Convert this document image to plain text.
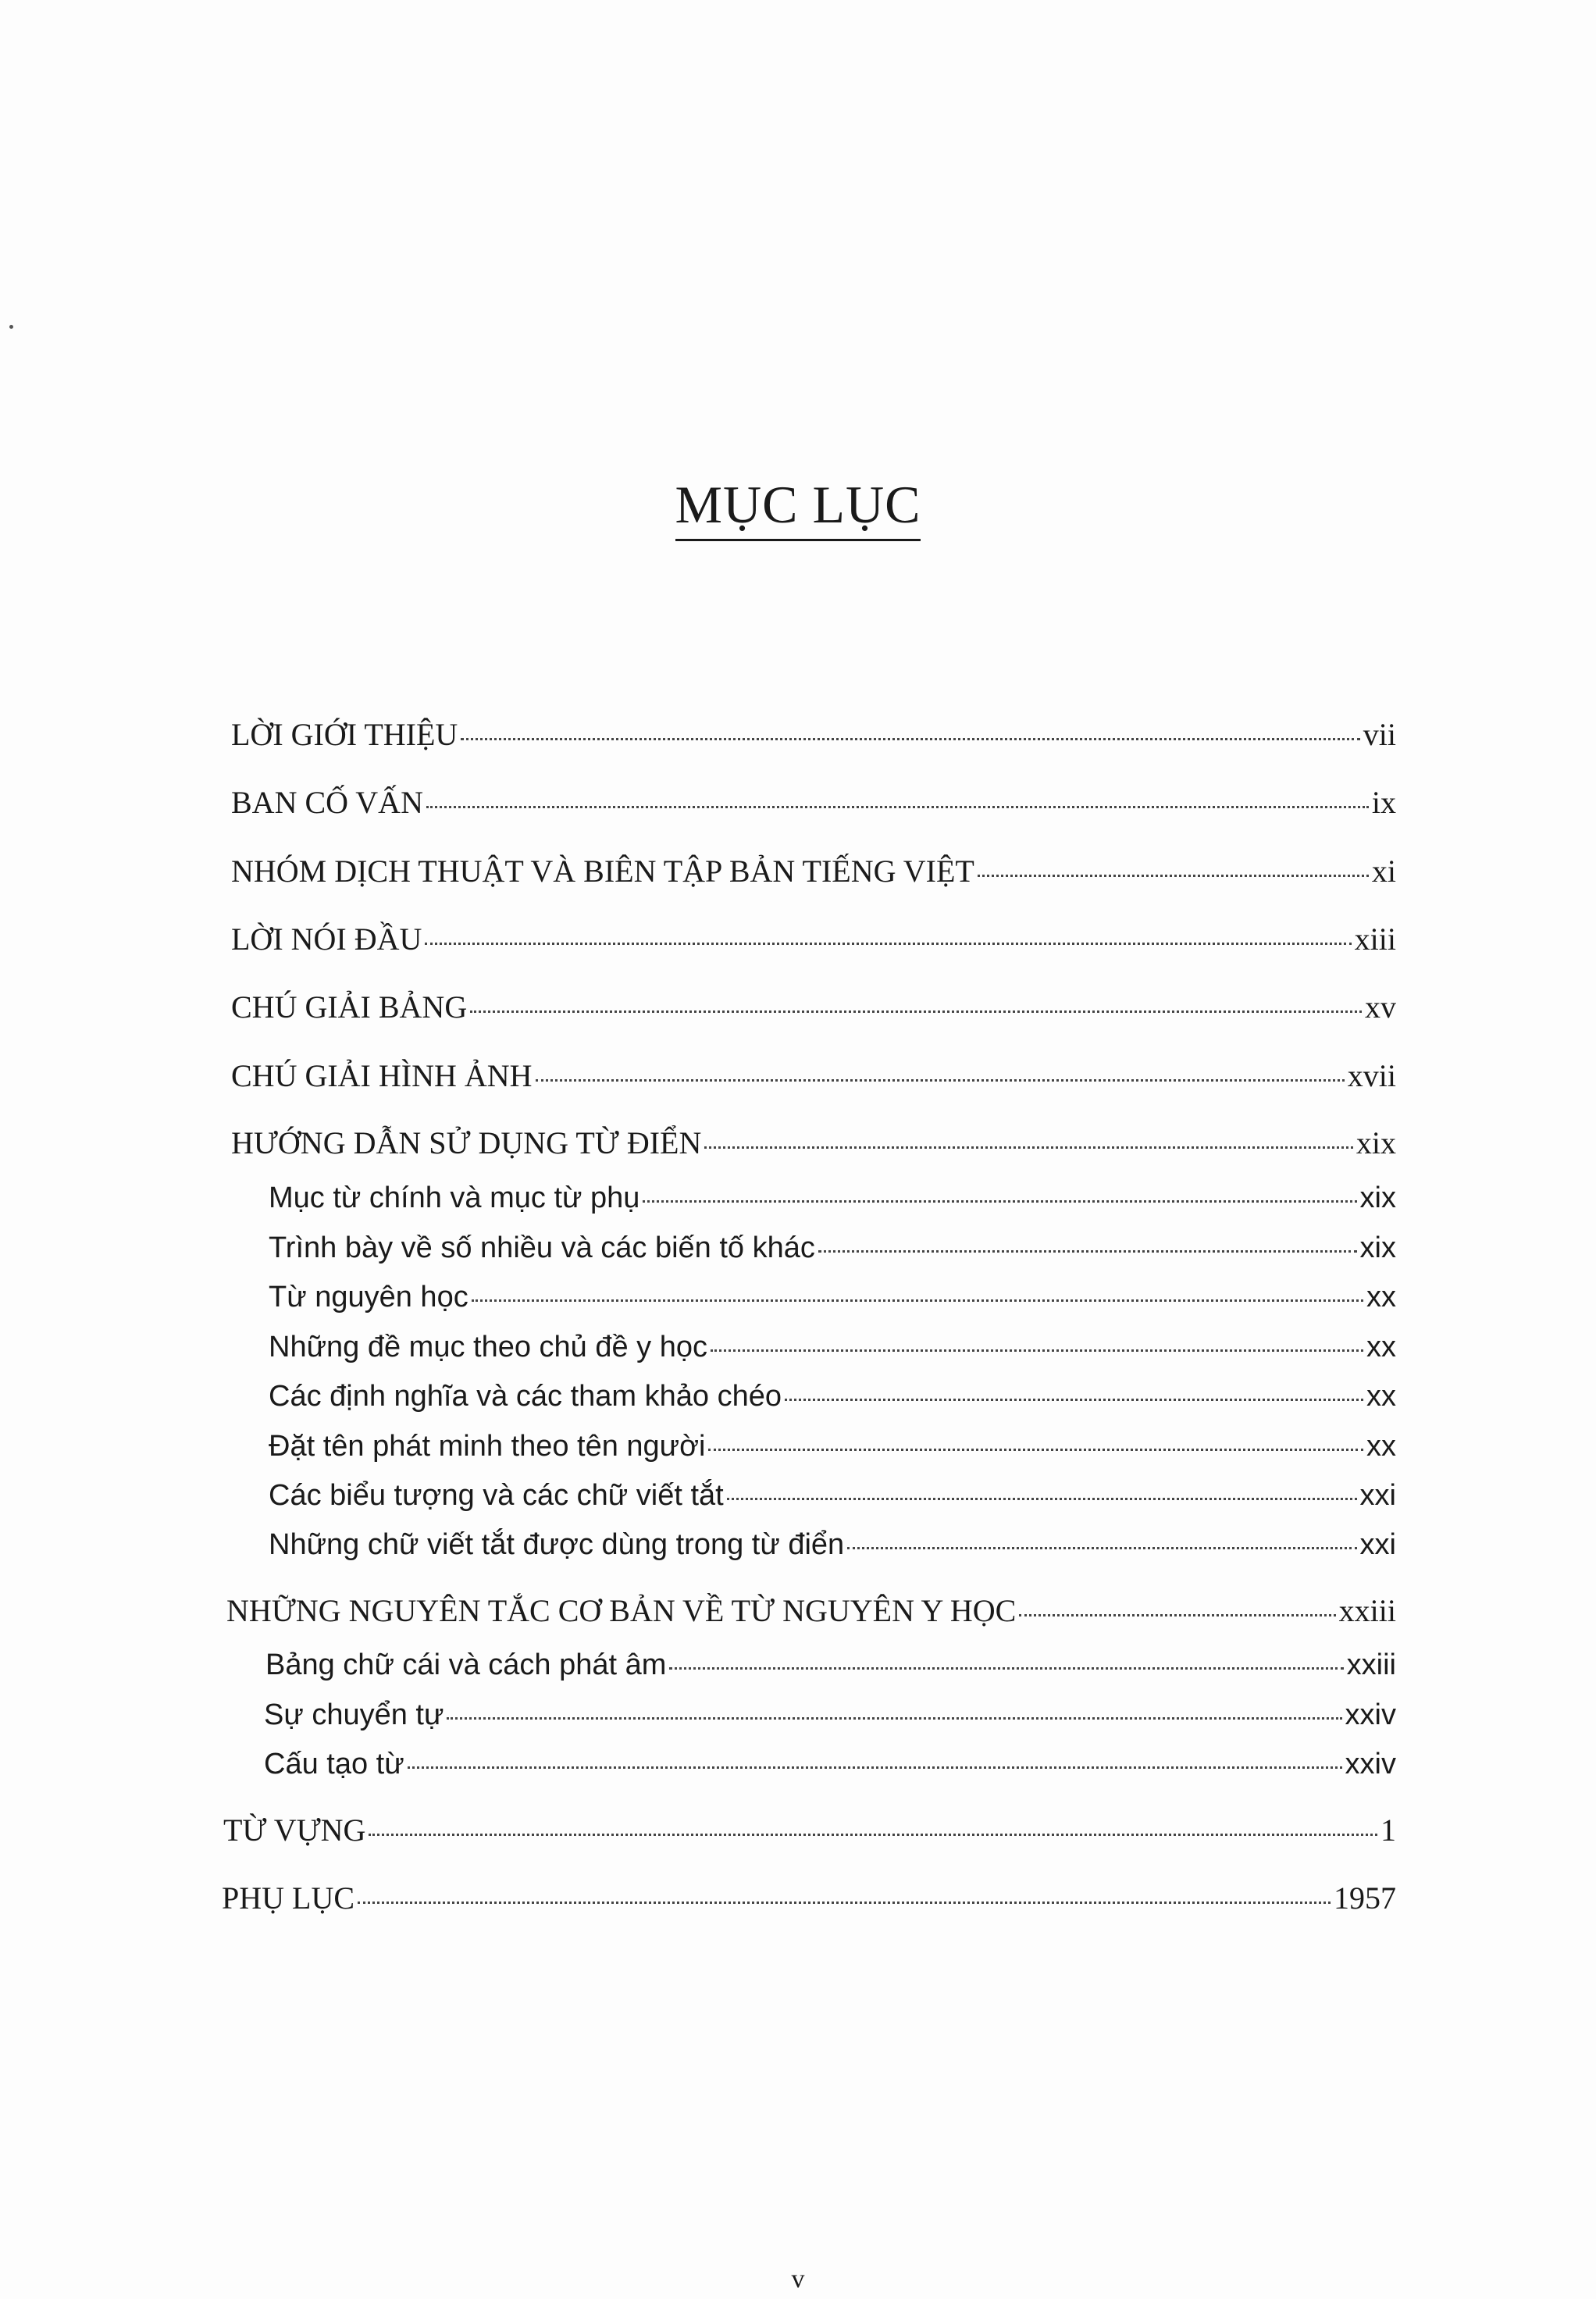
MỤC LỤC
LỜI GIỚI THIỆU	vii
BAN CỐ VẤN	ix
NHÓM DỊCH THUẬT VÀ BIÊN TẬP BẢN TIẾNG VIỆT	xi
LỜI NÓI ĐẦU	xiii
CHÚ GIẢI BẢNG	xv
CHÚ GIẢI HÌNH ẢNH	xvii
HƯỚNG DẪN SỬ DỤNG TỪ ĐIỂN	xix
Mục từ chính và mục từ phụ	xix
Trình bày về số nhiều và các biến tố khác	xix
Từ nguyên học	xx
Những đề mục theo chủ đề y học	xx
Các định nghĩa và các tham khảo chéo	xx
Đặt tên phát minh theo tên người	xx
Các biểu tượng và các chữ viết tắt	xxi
Những chữ viết tắt được dùng trong từ điển	xxi
NHỮNG NGUYÊN TẮC CƠ BẢN VỀ TỪ NGUYÊN Y HỌC	xxiii
Bảng chữ cái và cách phát âm	xxiii
Sự chuyển tự	xxiv
Cấu tạo từ	xxiv
TỪ VỰNG	1
PHỤ LỤC	1957
v
